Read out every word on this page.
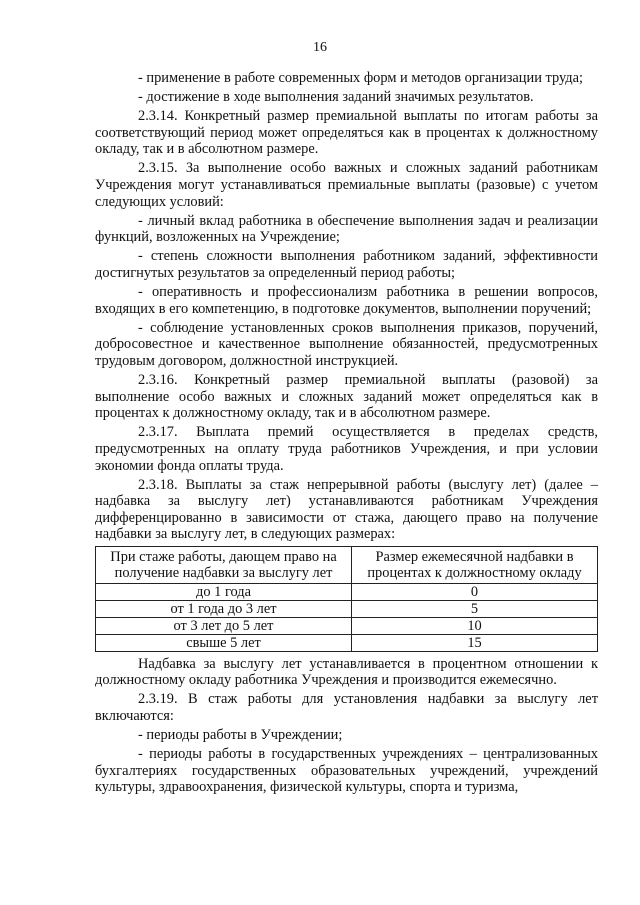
16

- применение в работе современных форм и методов организации труда;

- достижение в ходе выполнения заданий значимых результатов.

2.3.14. Конкретный размер премиальной выплаты по итогам работы за соответствующий период может определяться как в процентах к должностному окладу, так и в абсолютном размере.

2.3.15. За выполнение особо важных и сложных заданий работникам Учреждения могут устанавливаться премиальные выплаты (разовые) с учетом следующих условий:

- личный вклад работника в обеспечение выполнения задач и реализации функций, возложенных на Учреждение;

- степень сложности выполнения работником заданий, эффективности достигнутых результатов за определенный период работы;

- оперативность и профессионализм работника в решении вопросов, входящих в его компетенцию, в подготовке документов, выполнении поручений;

- соблюдение установленных сроков выполнения приказов, поручений, добросовестное и качественное выполнение обязанностей, предусмотренных трудовым договором, должностной инструкцией.

2.3.16. Конкретный размер премиальной выплаты (разовой) за выполнение особо важных и сложных заданий может определяться как в процентах к должностному окладу, так и в абсолютном размере.

2.3.17. Выплата премий осуществляется в пределах средств, предусмотренных на оплату труда работников Учреждения, и при условии экономии фонда оплаты труда.

2.3.18. Выплаты за стаж непрерывной работы (выслугу лет) (далее – надбавка за выслугу лет) устанавливаются работникам Учреждения дифференцированно в зависимости от стажа, дающего право на получение надбавки за выслугу лет, в следующих размерах:

При стаже работы, дающем право на получение надбавки за выслугу лет	Размер ежемесячной надбавки в процентах к должностному окладу
до 1 года	0
от 1 года до 3 лет	5
от 3 лет до 5 лет	10
свыше 5 лет	15

Надбавка за выслугу лет устанавливается в процентном отношении к должностному окладу работника Учреждения и производится ежемесячно.

2.3.19. В стаж работы для установления надбавки за выслугу лет включаются:

- периоды работы в Учреждении;

- периоды работы в государственных учреждениях – централизованных бухгалтериях государственных образовательных учреждений, учреждений культуры, здравоохранения, физической культуры, спорта и туризма,
